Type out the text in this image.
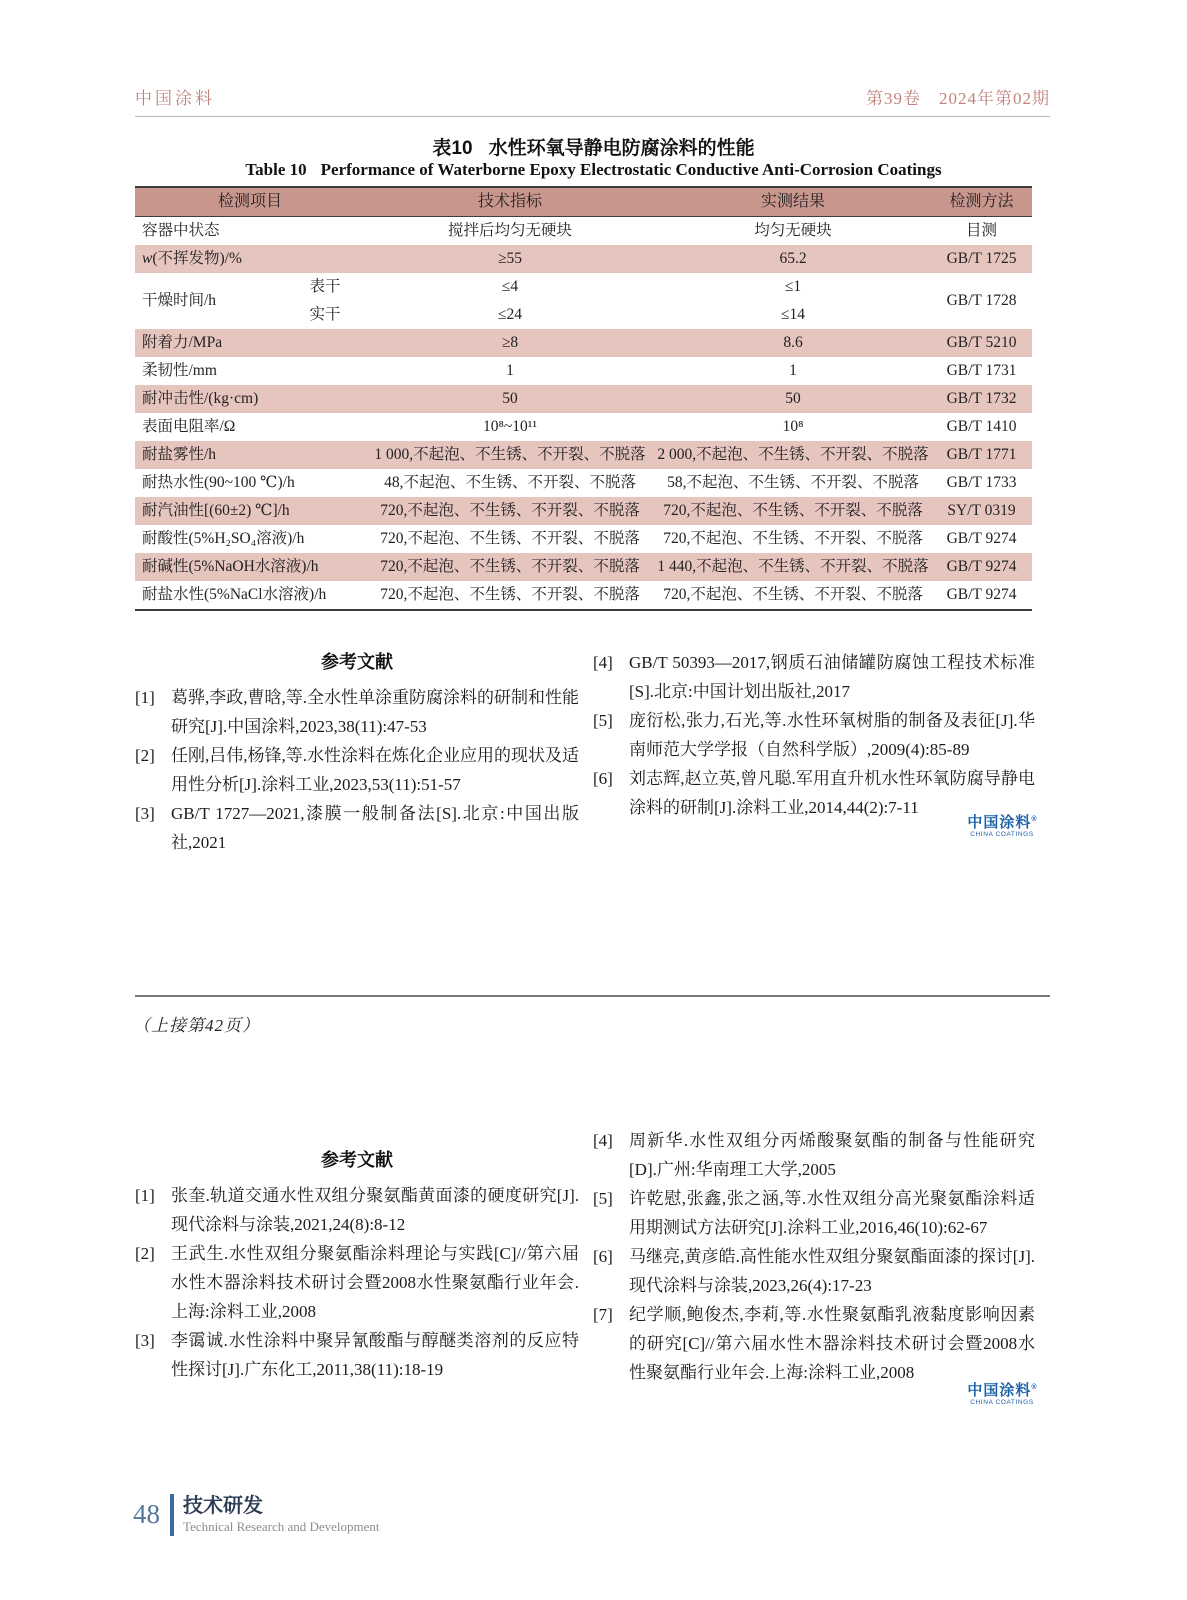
中国涂料	第39卷　2024年第02期
表10 水性环氧导静电防腐涂料的性能
Table 10 Performance of Waterborne Epoxy Electrostatic Conductive Anti-Corrosion Coatings
检测项目		技术指标	实测结果	检测方法
容器中状态		搅拌后均匀无硬块	均匀无硬块	目测
w(不挥发物)/%		≥55	65.2	GB/T 1725
干燥时间/h	表干	≤4	≤1	GB/T 1728
	实干	≤24	≤14	
附着力/MPa		≥8	8.6	GB/T 5210
柔韧性/mm		1	1	GB/T 1731
耐冲击性/(kg·cm)		50	50	GB/T 1732
表面电阻率/Ω		10⁸~10¹¹	10⁸	GB/T 1410
耐盐雾性/h		1 000,不起泡、不生锈、不开裂、不脱落	2 000,不起泡、不生锈、不开裂、不脱落	GB/T 1771
耐热水性(90~100 ℃)/h		48,不起泡、不生锈、不开裂、不脱落	58,不起泡、不生锈、不开裂、不脱落	GB/T 1733
耐汽油性[(60±2) ℃]/h		720,不起泡、不生锈、不开裂、不脱落	720,不起泡、不生锈、不开裂、不脱落	SY/T 0319
耐酸性(5%H₂SO₄溶液)/h		720,不起泡、不生锈、不开裂、不脱落	720,不起泡、不生锈、不开裂、不脱落	GB/T 9274
耐碱性(5%NaOH水溶液)/h		720,不起泡、不生锈、不开裂、不脱落	1 440,不起泡、不生锈、不开裂、不脱落	GB/T 9274
耐盐水性(5%NaCl水溶液)/h		720,不起泡、不生锈、不开裂、不脱落	720,不起泡、不生锈、不开裂、不脱落	GB/T 9274
参考文献
[1] 葛骅,李政,曹晗,等.全水性单涂重防腐涂料的研制和性能研究[J].中国涂料,2023,38(11):47-53
[2] 任刚,吕伟,杨锋,等.水性涂料在炼化企业应用的现状及适用性分析[J].涂料工业,2023,53(11):51-57
[3] GB/T 1727—2021,漆膜一般制备法[S].北京:中国出版社,2021
[4] GB/T 50393—2017,钢质石油储罐防腐蚀工程技术标准[S].北京:中国计划出版社,2017
[5] 庞衍松,张力,石光,等.水性环氧树脂的制备及表征[J].华南师范大学学报（自然科学版）,2009(4):85-89
[6] 刘志辉,赵立英,曾凡聪.军用直升机水性环氧防腐导静电涂料的研制[J].涂料工业,2014,44(2):7-11
中国涂料®
CHINA COATINGS
（上接第42页）
参考文献
[1] 张奎.轨道交通水性双组分聚氨酯黄面漆的硬度研究[J].现代涂料与涂装,2021,24(8):8-12
[2] 王武生.水性双组分聚氨酯涂料理论与实践[C]//第六届水性木器涂料技术研讨会暨2008水性聚氨酯行业年会.上海:涂料工业,2008
[3] 李霭诚.水性涂料中聚异氰酸酯与醇醚类溶剂的反应特性探讨[J].广东化工,2011,38(11):18-19
[4] 周新华.水性双组分丙烯酸聚氨酯的制备与性能研究[D].广州:华南理工大学,2005
[5] 许乾慰,张鑫,张之涵,等.水性双组分高光聚氨酯涂料适用期测试方法研究[J].涂料工业,2016,46(10):62-67
[6] 马继亮,黄彦皓.高性能水性双组分聚氨酯面漆的探讨[J].现代涂料与涂装,2023,26(4):17-23
[7] 纪学顺,鲍俊杰,李莉,等.水性聚氨酯乳液黏度影响因素的研究[C]//第六届水性木器涂料技术研讨会暨2008水性聚氨酯行业年会.上海:涂料工业,2008
中国涂料®
CHINA COATINGS
48 技术研发
Technical Research and Development
